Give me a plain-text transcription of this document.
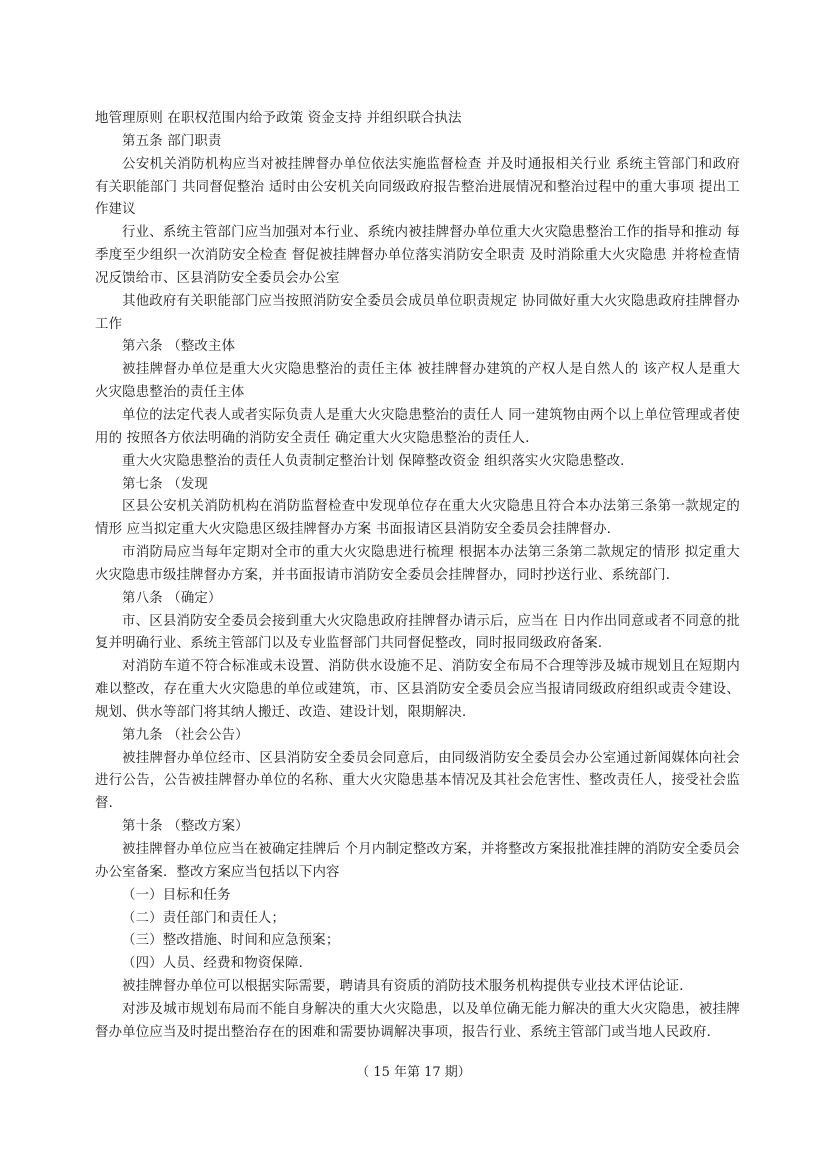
地管理原则 在职权范围内给予政策 资金支持 并组织联合执法

第五条 部门职责

公安机关消防机构应当对被挂牌督办单位依法实施监督检查 并及时通报相关行业 系统主管部门和政府有关职能部门 共同督促整治 适时由公安机关向同级政府报告整治进展情况和整治过程中的重大事项 提出工作建议

行业、系统主管部门应当加强对本行业、系统内被挂牌督办单位重大火灾隐患整治工作的指导和推动 每季度至少组织一次消防安全检查 督促被挂牌督办单位落实消防安全职责 及时消除重大火灾隐患 并将检查情况反馈给市、区县消防安全委员会办公室

其他政府有关职能部门应当按照消防安全委员会成员单位职责规定 协同做好重大火灾隐患政府挂牌督办工作

第六条 （整改主体

被挂牌督办单位是重大火灾隐患整治的责任主体 被挂牌督办建筑的产权人是自然人的 该产权人是重大火灾隐患整治的责任主体

单位的法定代表人或者实际负责人是重大火灾隐患整治的责任人 同一建筑物由两个以上单位管理或者使用的 按照各方依法明确的消防安全责任 确定重大火灾隐患整治的责任人．

重大火灾隐患整治的责任人负责制定整治计划 保障整改资金 组织落实火灾隐患整改．

第七条 （发现

区县公安机关消防机构在消防监督检查中发现单位存在重大火灾隐患且符合本办法第三条第一款规定的情形 应当拟定重大火灾隐患区级挂牌督办方案 书面报请区县消防安全委员会挂牌督办．

市消防局应当每年定期对全市的重大火灾隐患进行梳理 根据本办法第三条第二款规定的情形 拟定重大火灾隐患市级挂牌督办方案，并书面报请市消防安全委员会挂牌督办，同时抄送行业、系统部门．

第八条 （确定）

市、区县消防安全委员会接到重大火灾隐患政府挂牌督办请示后，应当在 日内作出同意或者不同意的批复并明确行业、系统主管部门以及专业监督部门共同督促整改，同时报同级政府备案．

对消防车道不符合标准或未设置、消防供水设施不足、消防安全布局不合理等涉及城市规划且在短期内难以整改，存在重大火灾隐患的单位或建筑，市、区县消防安全委员会应当报请同级政府组织或责令建设、规划、供水等部门将其纳人搬迁、改造、建设计划，限期解决．

第九条 （社会公告）

被挂牌督办单位经市、区县消防安全委员会同意后，由同级消防安全委员会办公室通过新闻媒体向社会进行公告，公告被挂牌督办单位的名称、重大火灾隐患基本情况及其社会危害性、整改责任人，接受社会监督．

第十条 （整改方案）

被挂牌督办单位应当在被确定挂牌后 个月内制定整改方案，并将整改方案报批准挂牌的消防安全委员会办公室备案．整改方案应当包括以下内容

（一）目标和任务

（二）责任部门和责任人；

（三）整改措施、时间和应急预案；

（四）人员、经费和物资保障．

被挂牌督办单位可以根据实际需要，聘请具有资质的消防技术服务机构提供专业技术评估论证．

对涉及城市规划布局而不能自身解决的重大火灾隐患，以及单位确无能力解决的重大火灾隐患，被挂牌督办单位应当及时提出整治存在的困难和需要协调解决事项，报告行业、系统主管部门或当地人民政府．

（ 15 年第 17 期）
